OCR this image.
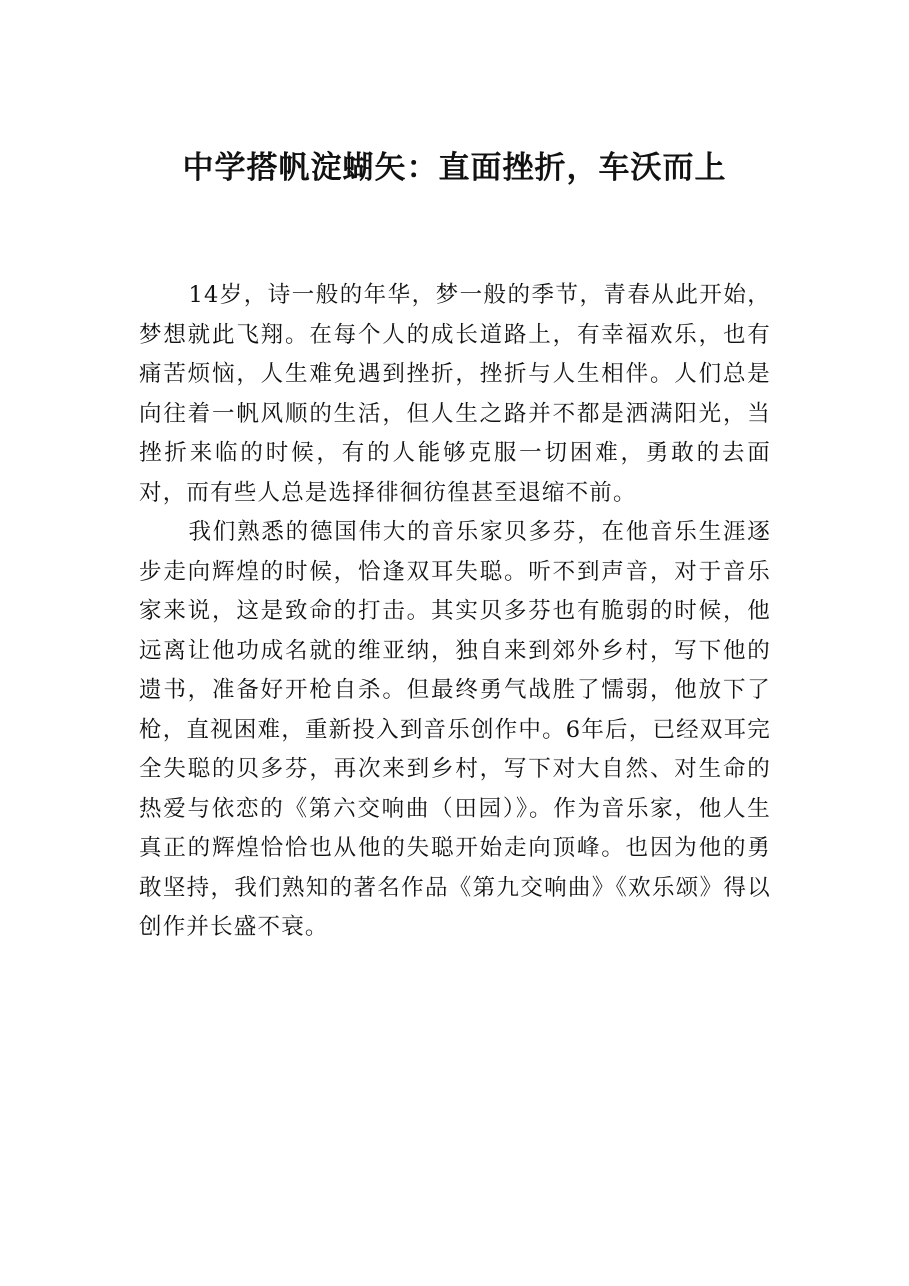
中学搭帆淀蝴矢：直面挫折，车沃而上

14岁，诗一般的年华，梦一般的季节，青春从此开始，梦想就此飞翔。在每个人的成长道路上，有幸福欢乐，也有痛苦烦恼，人生难免遇到挫折，挫折与人生相伴。人们总是向往着一帆风顺的生活，但人生之路并不都是洒满阳光，当挫折来临的时候，有的人能够克服一切困难，勇敢的去面对，而有些人总是选择徘徊彷徨甚至退缩不前。

我们熟悉的德国伟大的音乐家贝多芬，在他音乐生涯逐步走向辉煌的时候，恰逢双耳失聪。听不到声音，对于音乐家来说，这是致命的打击。其实贝多芬也有脆弱的时候，他远离让他功成名就的维亚纳，独自来到郊外乡村，写下他的遗书，准备好开枪自杀。但最终勇气战胜了懦弱，他放下了枪，直视困难，重新投入到音乐创作中。6年后，已经双耳完全失聪的贝多芬，再次来到乡村，写下对大自然、对生命的热爱与依恋的《第六交响曲（田园）》。作为音乐家，他人生真正的辉煌恰恰也从他的失聪开始走向顶峰。也因为他的勇敢坚持，我们熟知的著名作品《第九交响曲》《欢乐颂》得以创作并长盛不衰。
